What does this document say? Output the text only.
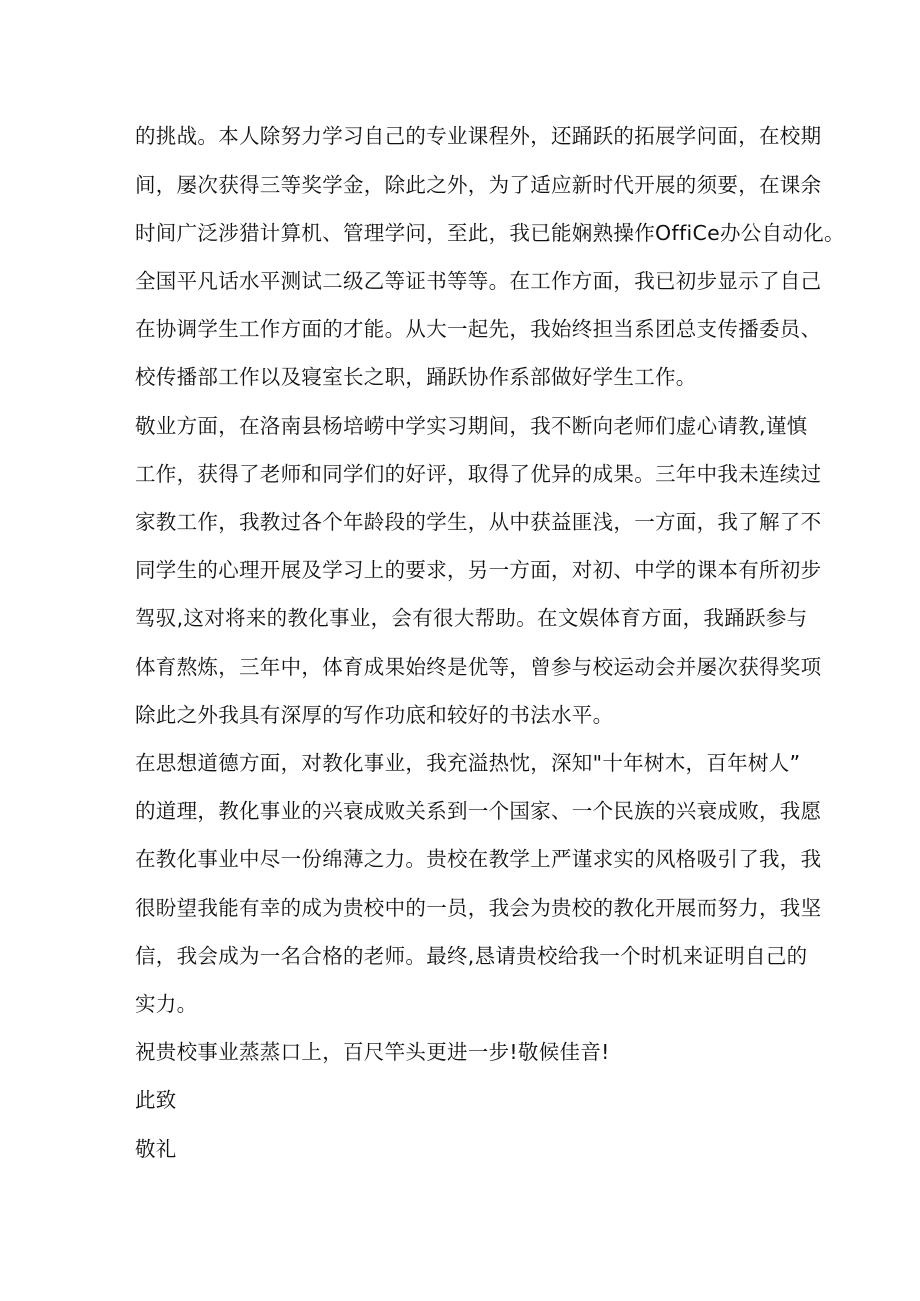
的挑战。本人除努力学习自己的专业课程外，还踊跃的拓展学问面，在校期
间，屡次获得三等奖学金，除此之外，为了适应新时代开展的须要，在课余
时间广泛涉猎计算机、管理学问，至此，我已能娴熟操作OffiCe办公自动化。
全国平凡话水平测试二级乙等证书等等。在工作方面，我已初步显示了自己
在协调学生工作方面的才能。从大一起先，我始终担当系团总支传播委员、
校传播部工作以及寝室长之职，踊跃协作系部做好学生工作。
敬业方面，在洛南县杨培崂中学实习期间，我不断向老师们虚心请教,谨慎
工作，获得了老师和同学们的好评，取得了优异的成果。三年中我未连续过
家教工作，我教过各个年龄段的学生，从中获益匪浅，一方面，我了解了不
同学生的心理开展及学习上的要求，另一方面，对初、中学的课本有所初步
驾驭,这对将来的教化事业，会有很大帮助。在文娱体育方面，我踊跃参与
体育熬炼，三年中，体育成果始终是优等，曾参与校运动会并屡次获得奖项
除此之外我具有深厚的写作功底和较好的书法水平。
在思想道德方面，对教化事业，我充溢热忱，深知"十年树木，百年树人”
的道理，教化事业的兴衰成败关系到一个国家、一个民族的兴衰成败，我愿
在教化事业中尽一份绵薄之力。贵校在教学上严谨求实的风格吸引了我，我
很盼望我能有幸的成为贵校中的一员，我会为贵校的教化开展而努力，我坚
信，我会成为一名合格的老师。最终,恳请贵校给我一个时机来证明自己的
实力。
祝贵校事业蒸蒸口上，百尺竿头更进一步!敬候佳音!
此致
敬礼
